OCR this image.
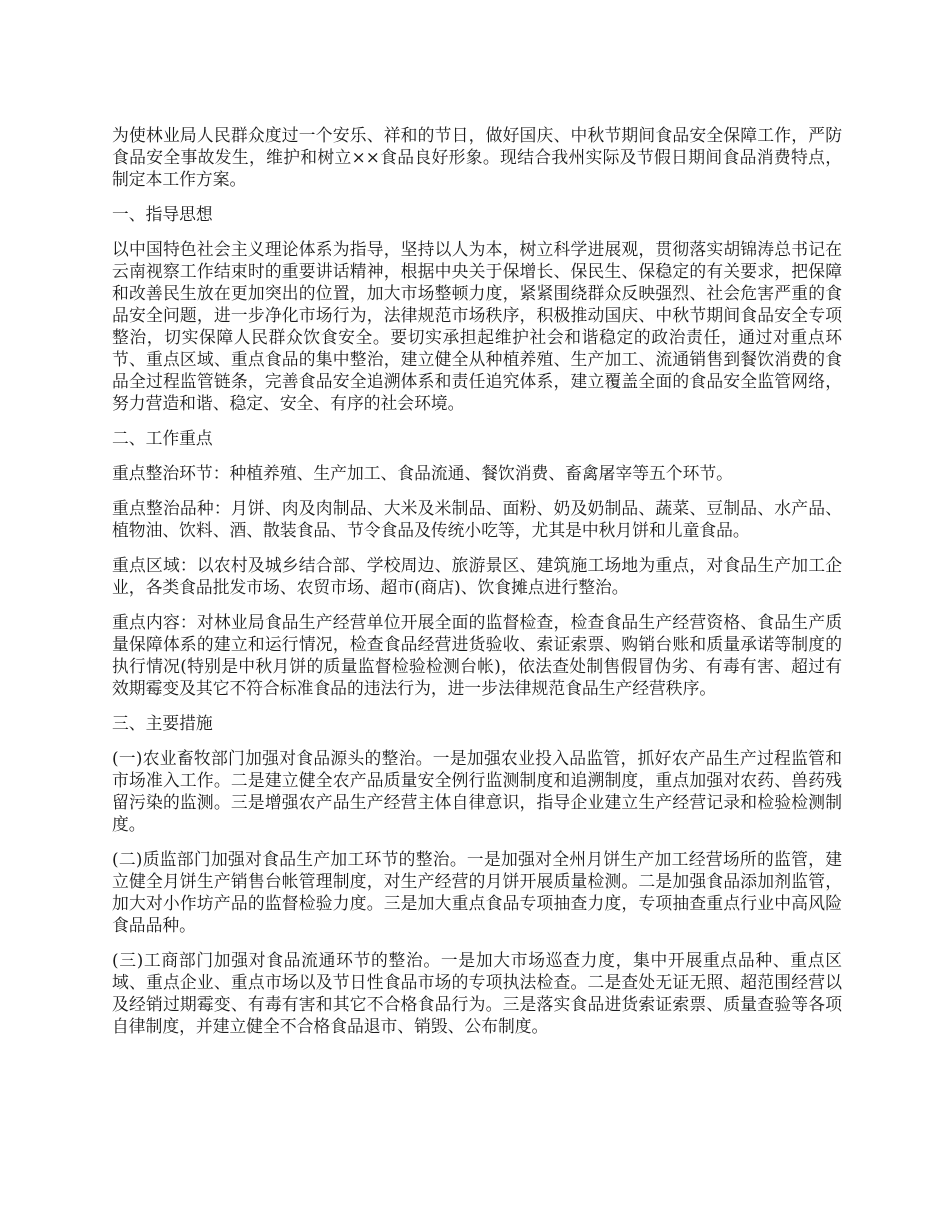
为使林业局人民群众度过一个安乐、祥和的节日，做好国庆、中秋节期间食品安全保障工作，严防食品安全事故发生，维护和树立××食品良好形象。现结合我州实际及节假日期间食品消费特点，制定本工作方案。

一、指导思想

以中国特色社会主义理论体系为指导，坚持以人为本，树立科学进展观，贯彻落实胡锦涛总书记在云南视察工作结束时的重要讲话精神，根据中央关于保增长、保民生、保稳定的有关要求，把保障和改善民生放在更加突出的位置，加大市场整顿力度，紧紧围绕群众反映强烈、社会危害严重的食品安全问题，进一步净化市场行为，法律规范市场秩序，积极推动国庆、中秋节期间食品安全专项整治，切实保障人民群众饮食安全。要切实承担起维护社会和谐稳定的政治责任，通过对重点环节、重点区域、重点食品的集中整治，建立健全从种植养殖、生产加工、流通销售到餐饮消费的食品全过程监管链条，完善食品安全追溯体系和责任追究体系，建立覆盖全面的食品安全监管网络，努力营造和谐、稳定、安全、有序的社会环境。

二、工作重点

重点整治环节：种植养殖、生产加工、食品流通、餐饮消费、畜禽屠宰等五个环节。

重点整治品种：月饼、肉及肉制品、大米及米制品、面粉、奶及奶制品、蔬菜、豆制品、水产品、植物油、饮料、酒、散装食品、节令食品及传统小吃等，尤其是中秋月饼和儿童食品。

重点区域：以农村及城乡结合部、学校周边、旅游景区、建筑施工场地为重点，对食品生产加工企业，各类食品批发市场、农贸市场、超市(商店)、饮食摊点进行整治。

重点内容：对林业局食品生产经营单位开展全面的监督检查，检查食品生产经营资格、食品生产质量保障体系的建立和运行情况，检查食品经营进货验收、索证索票、购销台账和质量承诺等制度的执行情况(特别是中秋月饼的质量监督检验检测台帐)，依法查处制售假冒伪劣、有毒有害、超过有效期霉变及其它不符合标准食品的违法行为，进一步法律规范食品生产经营秩序。

三、主要措施

(一)农业畜牧部门加强对食品源头的整治。一是加强农业投入品监管，抓好农产品生产过程监管和市场准入工作。二是建立健全农产品质量安全例行监测制度和追溯制度，重点加强对农药、兽药残留污染的监测。三是增强农产品生产经营主体自律意识，指导企业建立生产经营记录和检验检测制度。

(二)质监部门加强对食品生产加工环节的整治。一是加强对全州月饼生产加工经营场所的监管，建立健全月饼生产销售台帐管理制度，对生产经营的月饼开展质量检测。二是加强食品添加剂监管，加大对小作坊产品的监督检验力度。三是加大重点食品专项抽查力度，专项抽查重点行业中高风险食品品种。

(三)工商部门加强对食品流通环节的整治。一是加大市场巡查力度，集中开展重点品种、重点区域、重点企业、重点市场以及节日性食品市场的专项执法检查。二是查处无证无照、超范围经营以及经销过期霉变、有毒有害和其它不合格食品行为。三是落实食品进货索证索票、质量查验等各项自律制度，并建立健全不合格食品退市、销毁、公布制度。
